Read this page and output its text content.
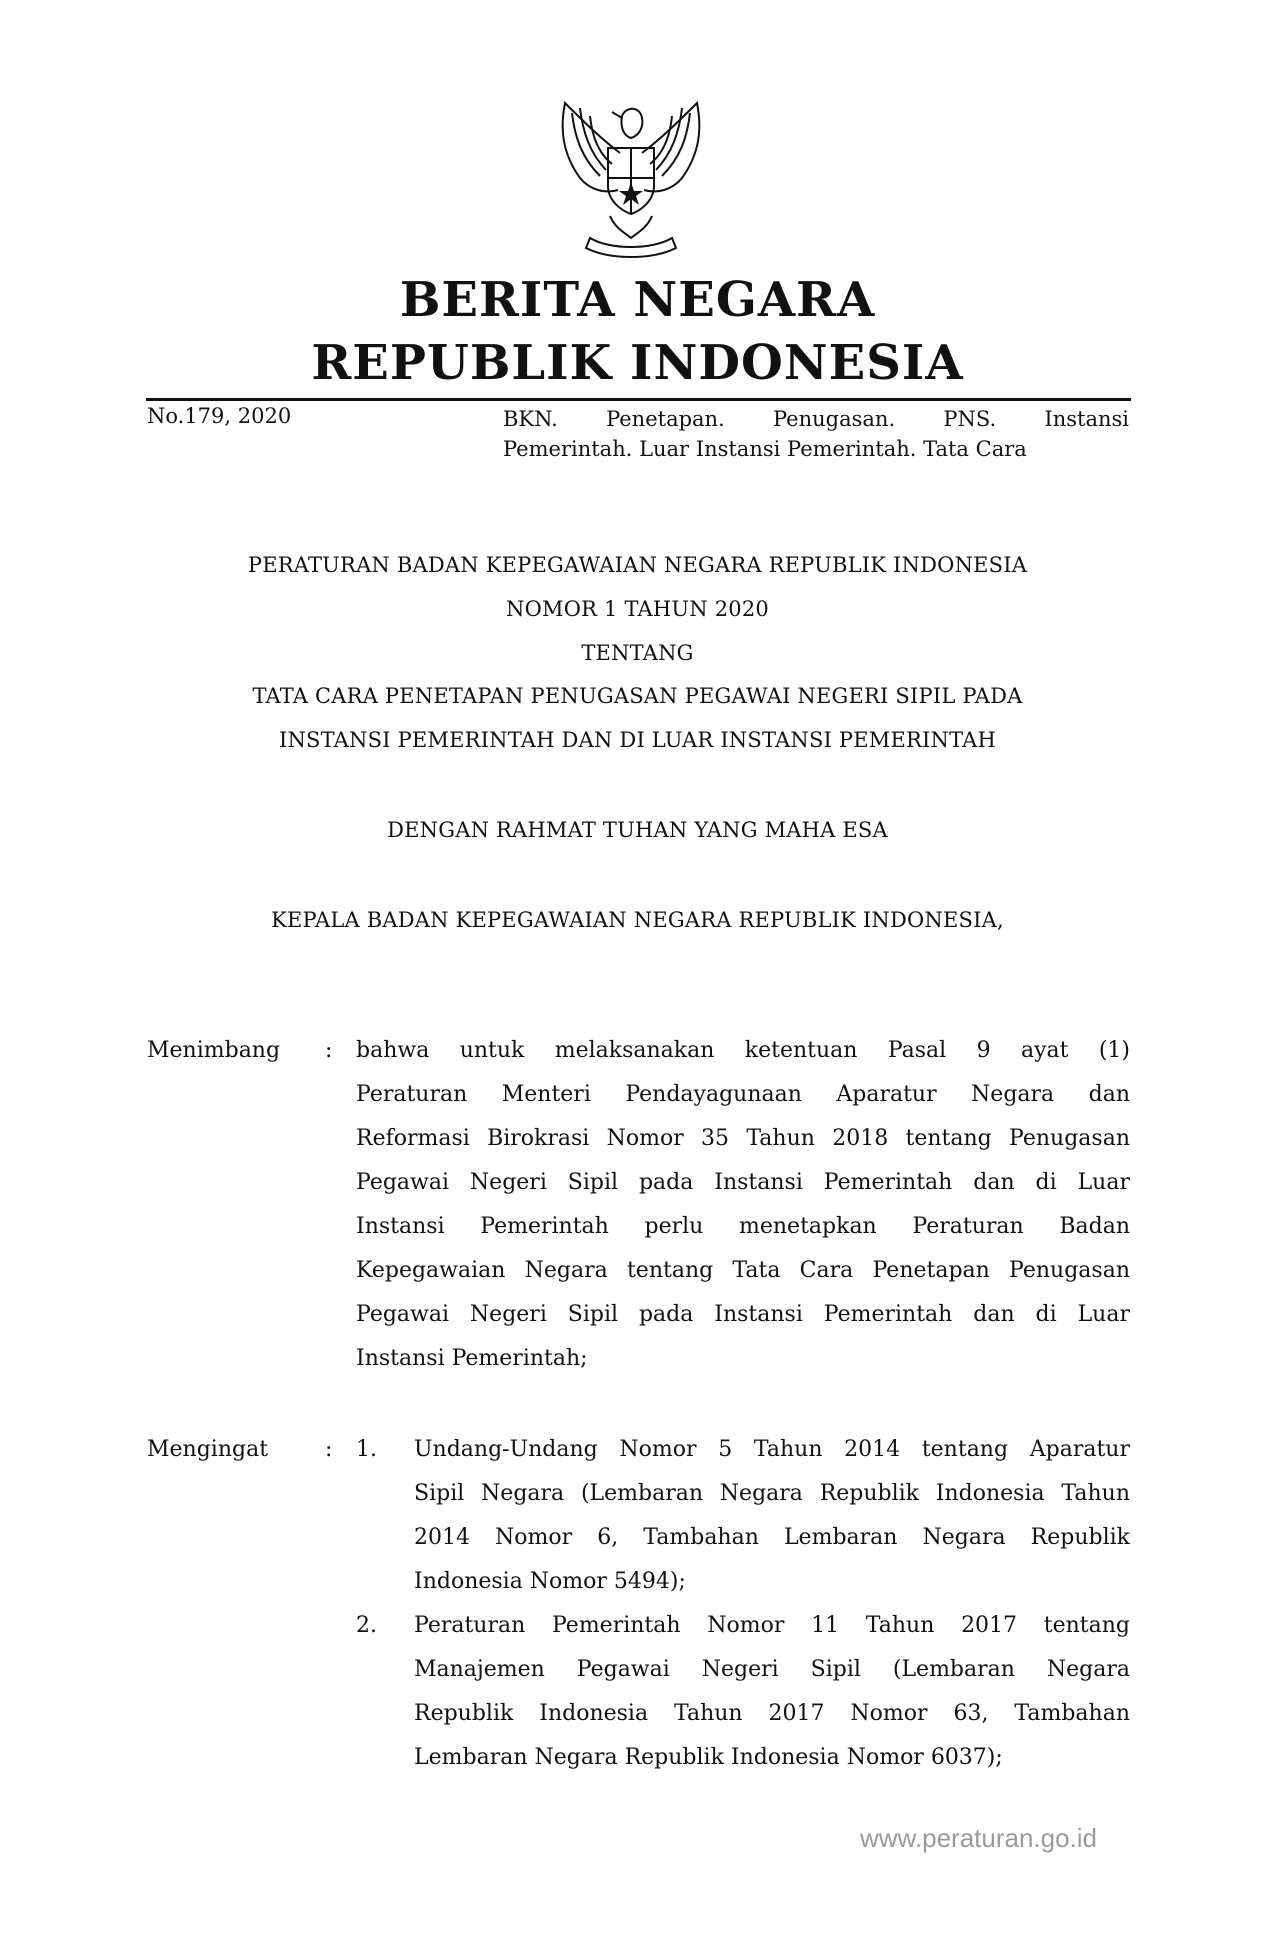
BERITA NEGARA
REPUBLIK INDONESIA
No.179, 2020	BKN. Penetapan. Penugasan. PNS. Instansi
Pemerintah. Luar Instansi Pemerintah. Tata Cara
PERATURAN BADAN KEPEGAWAIAN NEGARA REPUBLIK INDONESIA
NOMOR 1 TAHUN 2020
TENTANG
TATA CARA PENETAPAN PENUGASAN PEGAWAI NEGERI SIPIL PADA
INSTANSI PEMERINTAH DAN DI LUAR INSTANSI PEMERINTAH
DENGAN RAHMAT TUHAN YANG MAHA ESA
KEPALA BADAN KEPEGAWAIAN NEGARA REPUBLIK INDONESIA,
Menimbang : bahwa untuk melaksanakan ketentuan Pasal 9 ayat (1)
Peraturan Menteri Pendayagunaan Aparatur Negara dan
Reformasi Birokrasi Nomor 35 Tahun 2018 tentang Penugasan
Pegawai Negeri Sipil pada Instansi Pemerintah dan di Luar
Instansi Pemerintah perlu menetapkan Peraturan Badan
Kepegawaian Negara tentang Tata Cara Penetapan Penugasan
Pegawai Negeri Sipil pada Instansi Pemerintah dan di Luar
Instansi Pemerintah;
Mengingat	: 1. Undang-Undang Nomor 5 Tahun 2014 tentang Aparatur
Sipil Negara (Lembaran Negara Republik Indonesia Tahun
2014 Nomor 6, Tambahan Lembaran Negara Republik
Indonesia Nomor 5494);
2. Peraturan Pemerintah Nomor 11 Tahun 2017 tentang
Manajemen Pegawai Negeri Sipil (Lembaran Negara
Republik Indonesia Tahun 2017 Nomor 63, Tambahan
Lembaran Negara Republik Indonesia Nomor 6037);
www.peraturan.go.id
